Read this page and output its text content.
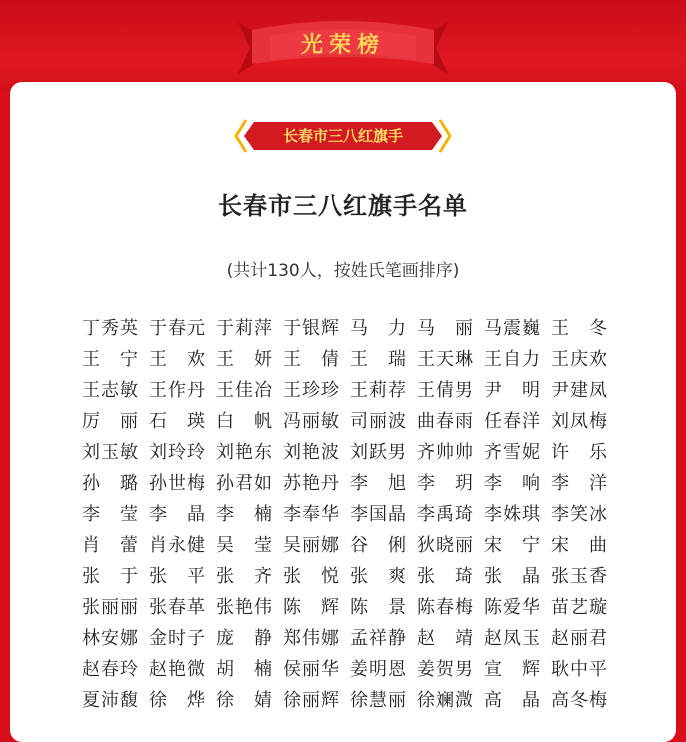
光荣榜
长春市三八红旗手
长春市三八红旗手名单
(共计130人，按姓氏笔画排序)
丁秀英 于春元 于莉萍 于银辉 马　力 马　丽 马震巍 王　冬
王　宁 王　欢 王　妍 王　倩 王　瑞 王天琳 王自力 王庆欢
王志敏 王作丹 王佳冶 王珍珍 王莉荐 王倩男 尹　明 尹建凤
厉　丽 石　瑛 白　帆 冯丽敏 司丽波 曲春雨 任春洋 刘凤梅
刘玉敏 刘玲玲 刘艳东 刘艳波 刘跃男 齐帅帅 齐雪妮 许　乐
孙　璐 孙世梅 孙君如 苏艳丹 李　旭 李　玥 李　响 李　洋
李　莹 李　晶 李　楠 李奉华 李国晶 李禹琦 李姝琪 李笑冰
肖　蕾 肖永健 吴　莹 吴丽娜 谷　俐 狄晓丽 宋　宁 宋　曲
张　于 张　平 张　齐 张　悦 张　爽 张　琦 张　晶 张玉香
张丽丽 张春革 张艳伟 陈　辉 陈　景 陈春梅 陈爱华 苗艺璇
林安娜 金时子 庞　静 郑伟娜 孟祥静 赵　靖 赵凤玉 赵丽君
赵春玲 赵艳微 胡　楠 侯丽华 姜明恩 姜贺男 宣　辉 耿中平
夏沛馥 徐　烨 徐　婧 徐丽辉 徐慧丽 徐斓溦 高　晶 高冬梅
